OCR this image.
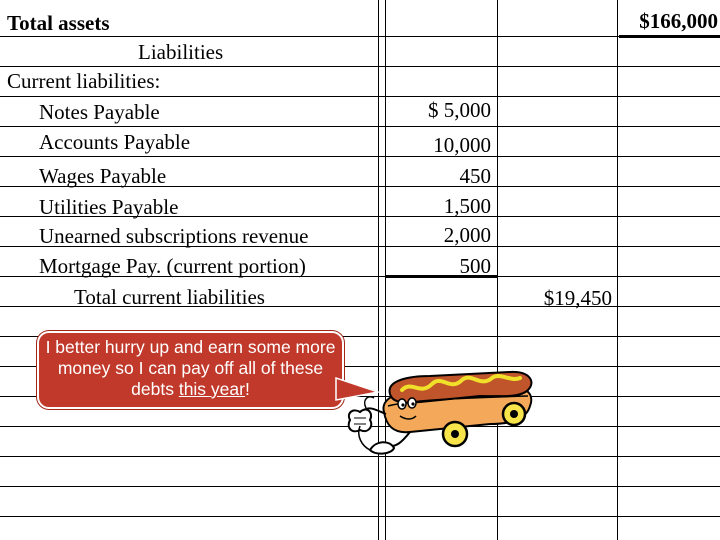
Total assets	$166,000
Liabilities
Current liabilities:
Notes Payable
Accounts Payable
Wages Payable
Utilities Payable
Unearned subscriptions revenue
Mortgage Pay. (current portion)
Total current liabilities
$ 5,000
10,000
450
1,500
2,000
500
$19,450
I better hurry up and earn some more money so I can pay off all of these debts this year!
